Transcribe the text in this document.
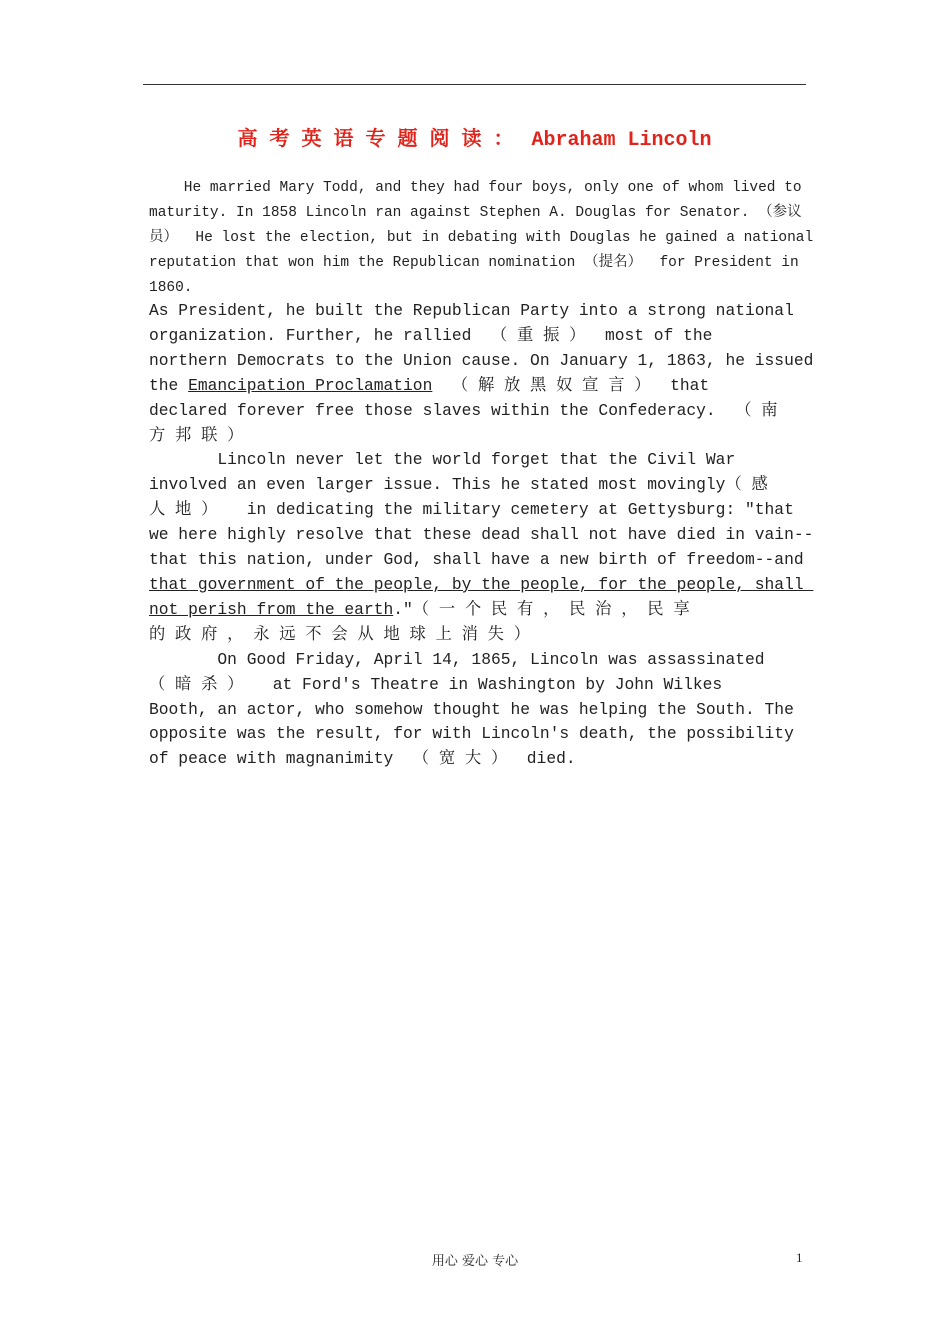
高考英语专题阅读： Abraham Lincoln
He married Mary Todd, and they had four boys, only one of whom lived to
maturity. In 1858 Lincoln ran against Stephen A. Douglas for Senator. （参议
员）  He lost the election, but in debating with Douglas he gained a national
reputation that won him the Republican nomination （提名）  for President in
1860.
As President, he built the Republican Party into a strong national
organization. Further, he rallied  （ 重 振 ）  most of the
northern Democrats to the Union cause. On January 1, 1863, he issued
the Emancipation Proclamation  （ 解 放 黑 奴 宣 言 ）  that
declared forever free those slaves within the Confederacy.  （ 南
方 邦 联 ）
Lincoln never let the world forget that the Civil War
involved an even larger issue. This he stated most movingly（ 感
人 地 ）   in dedicating the military cemetery at Gettysburg: "that
we here highly resolve that these dead shall not have died in vain--
that this nation, under God, shall have a new birth of freedom--and
that government of the people, by the people, for the people, shall
not perish from the earth."（ 一 个 民 有 ， 民 治 ， 民 享
的 政 府 ， 永 远 不 会 从 地 球 上 消 失 ）
On Good Friday, April 14, 1865, Lincoln was assassinated
（ 暗 杀 ）   at Ford's Theatre in Washington by John Wilkes
Booth, an actor, who somehow thought he was helping the South. The
opposite was the result, for with Lincoln's death, the possibility
of peace with magnanimity  （ 宽 大 ）  died.
用心 爱心 专心	1
